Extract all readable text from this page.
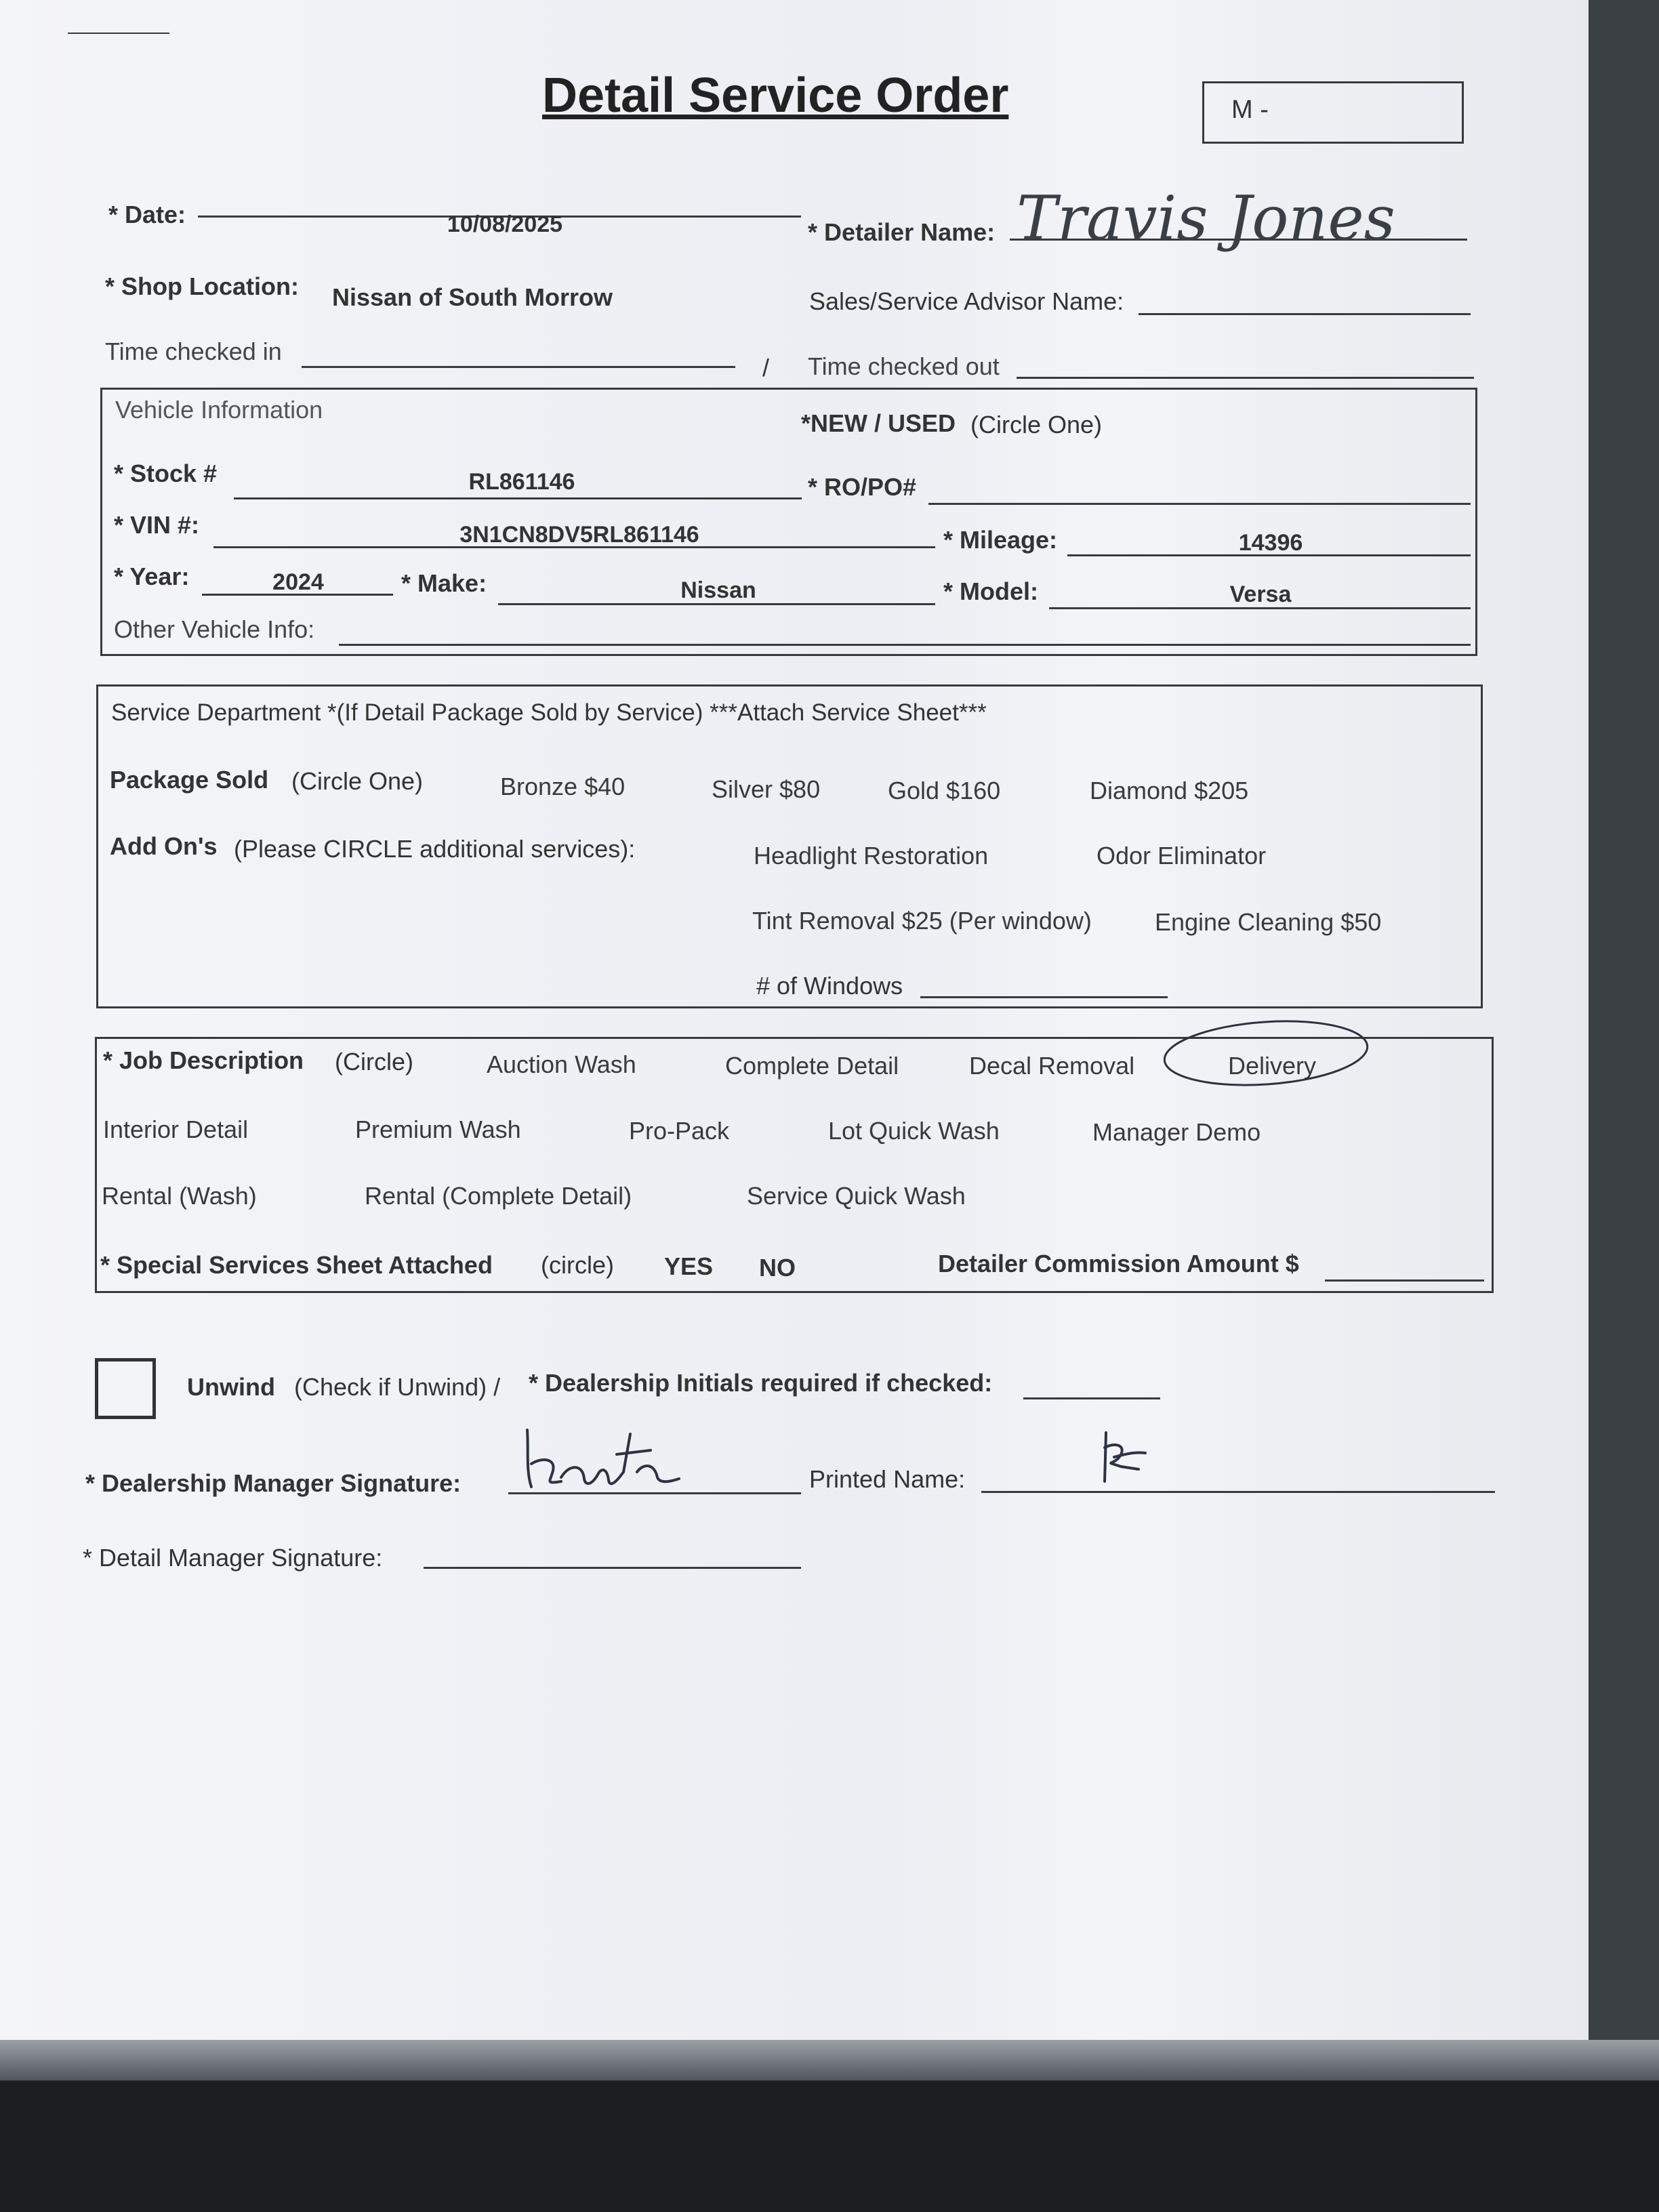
Detail Service Order	M -
* Date:	10/08/2025	* Detailer Name: Travis Jones
* Shop Location: Nissan of South Morrow	Sales/Service Advisor Name:
Time checked in
/ Time checked out
Vehicle Information	*NEW / USED (Circle One)
* Stock #	RL861146	* RO/PO#
* VIN #:	3N1CN8DV5RL861146	* Mileage:	14396
* Year:	2024	* Make:	Nissan	* Model:	Versa
Other Vehicle Info:
Service Department *(If Detail Package Sold by Service) ***Attach Service Sheet***
Package Sold (Circle One)	Bronze $40	Silver $80	Gold $160	Diamond $205
Add On's (Please CIRCLE additional services):	Headlight Restoration	Odor Eliminator
Tint Removal $25 (Per window)	Engine Cleaning $50
# of Windows
* Job Description (Circle)	Auction Wash	Complete Detail	Decal Removal	Delivery
Interior Detail	Premium Wash	Pro-Pack	Lot Quick Wash	Manager Demo
Rental (Wash)	Rental (Complete Detail)	Service Quick Wash
* Special Services Sheet Attached (circle) YES NO	Detailer Commission Amount $
Unwind (Check if Unwind) / * Dealership Initials required if checked:
* Dealership Manager Signature:	Printed Name:
* Detail Manager Signature:
